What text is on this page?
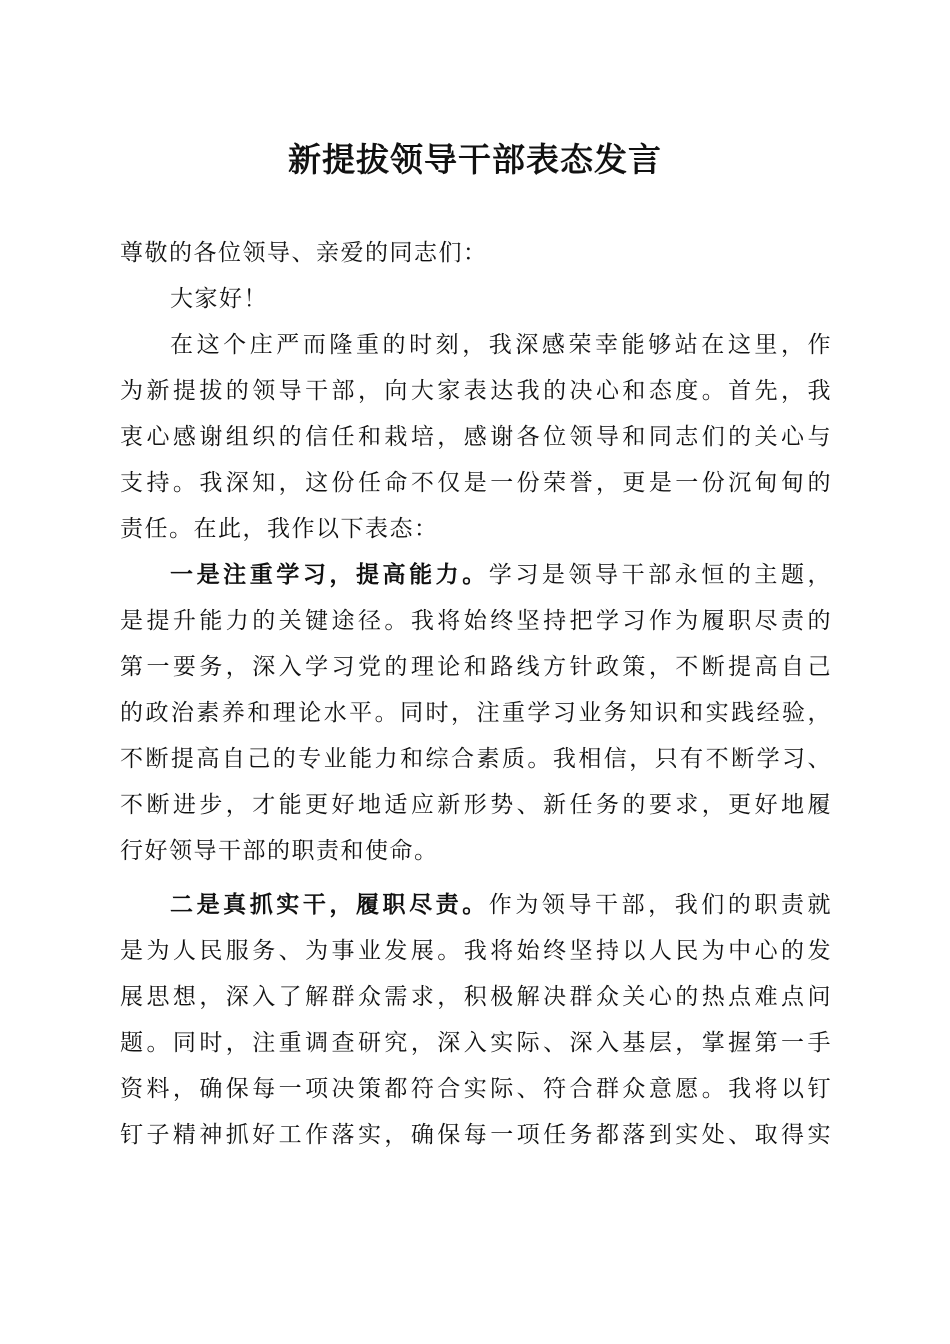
新提拔领导干部表态发言
尊敬的各位领导、亲爱的同志们：
大家好！
在这个庄严而隆重的时刻，我深感荣幸能够站在这里，作
为新提拔的领导干部，向大家表达我的决心和态度。首先，我
衷心感谢组织的信任和栽培，感谢各位领导和同志们的关心与
支持。我深知，这份任命不仅是一份荣誉，更是一份沉甸甸的
责任。在此，我作以下表态：
一是注重学习，提高能力。学习是领导干部永恒的主题，
是提升能力的关键途径。我将始终坚持把学习作为履职尽责的
第一要务，深入学习党的理论和路线方针政策，不断提高自己
的政治素养和理论水平。同时，注重学习业务知识和实践经验，
不断提高自己的专业能力和综合素质。我相信，只有不断学习、
不断进步，才能更好地适应新形势、新任务的要求，更好地履
行好领导干部的职责和使命。
二是真抓实干，履职尽责。作为领导干部，我们的职责就
是为人民服务、为事业发展。我将始终坚持以人民为中心的发
展思想，深入了解群众需求，积极解决群众关心的热点难点问
题。同时，注重调查研究，深入实际、深入基层，掌握第一手
资料，确保每一项决策都符合实际、符合群众意愿。我将以钉
钉子精神抓好工作落实，确保每一项任务都落到实处、取得实
